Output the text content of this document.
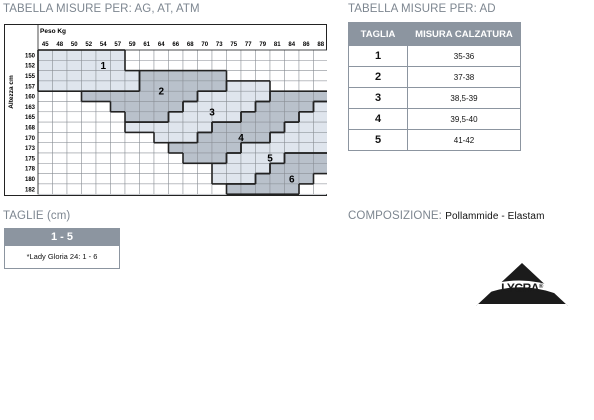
TABELLA MISURE PER: AG, AT, ATM	TABELLA MISURE PER: AD
Peso Kg
Altezza cm
45 48 50 52 54 57 59 61 64 66 68 70 73 75 77 79 81 84 86 88
150
152
155
157
160
163
165
168
170
173
175
178
180
182
1
2
3
4
5
6
TAGLIA	MISURA CALZATURA
1	35-36
2	37-38
3	38,5-39
4	39,5-40
5	41-42
TAGLIE (cm)
1 - 5
*Lady Gloria 24: 1 - 6
COMPOSIZIONE: Pollammide - Elastam
LYCRA®
